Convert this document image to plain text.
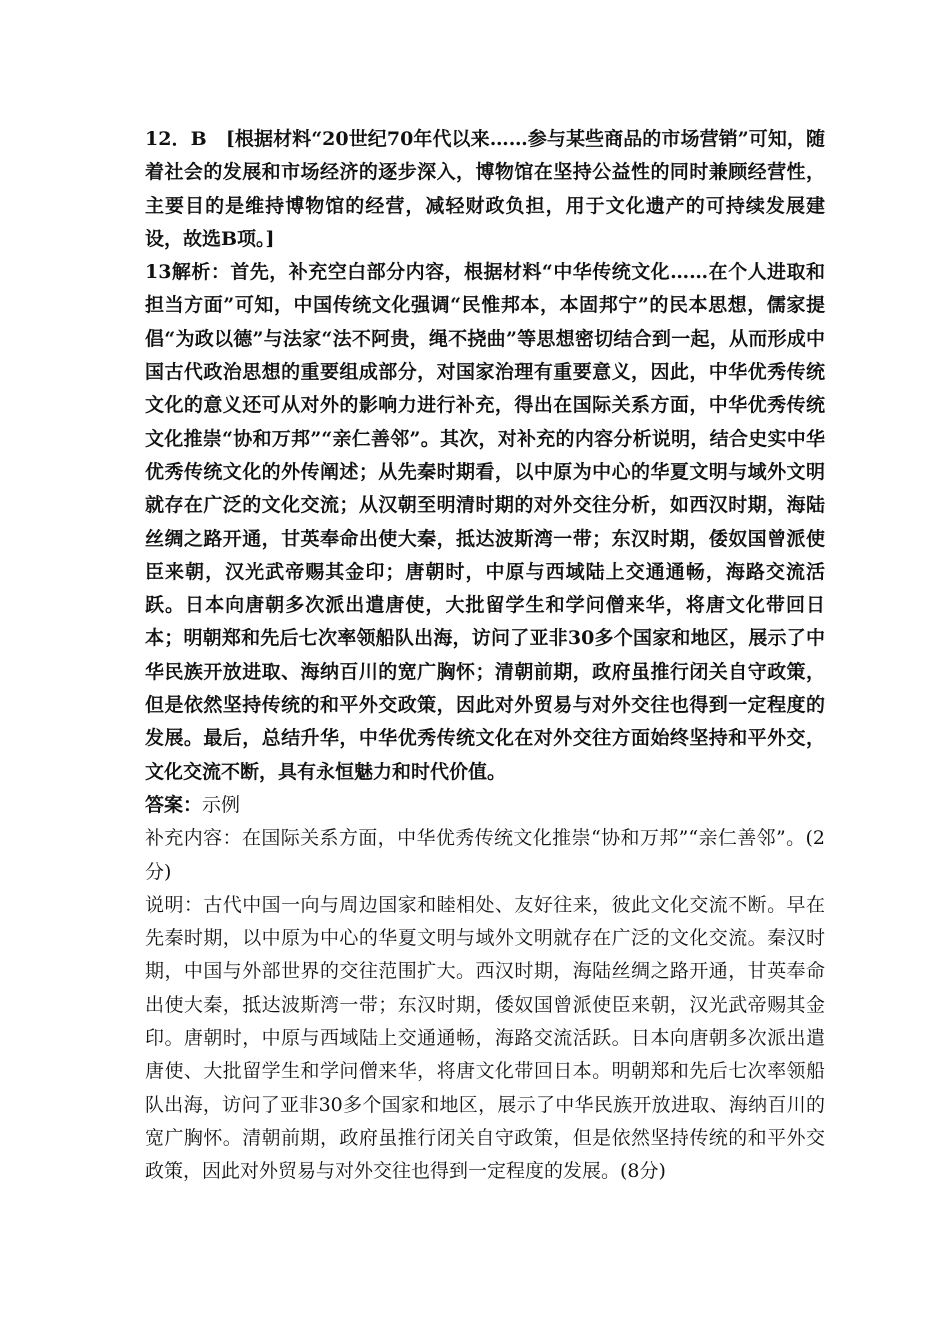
12．B　[根据材料“20世纪70年代以来……参与某些商品的市场营销”可知，随着社会的发展和市场经济的逐步深入，博物馆在坚持公益性的同时兼顾经营性，主要目的是维持博物馆的经营，减轻财政负担，用于文化遗产的可持续发展建设，故选B项。]

13解析：首先，补充空白部分内容，根据材料“中华传统文化……在个人进取和担当方面”可知，中国传统文化强调“民惟邦本，本固邦宁”的民本思想，儒家提倡“为政以德”与法家“法不阿贵，绳不挠曲”等思想密切结合到一起，从而形成中国古代政治思想的重要组成部分，对国家治理有重要意义，因此，中华优秀传统文化的意义还可从对外的影响力进行补充，得出在国际关系方面，中华优秀传统文化推崇“协和万邦”“亲仁善邻”。其次，对补充的内容分析说明，结合史实中华优秀传统文化的外传阐述；从先秦时期看，以中原为中心的华夏文明与域外文明就存在广泛的文化交流；从汉朝至明清时期的对外交往分析，如西汉时期，海陆丝绸之路开通，甘英奉命出使大秦，抵达波斯湾一带；东汉时期，倭奴国曾派使臣来朝，汉光武帝赐其金印；唐朝时，中原与西域陆上交通通畅，海路交流活跃。日本向唐朝多次派出遣唐使，大批留学生和学问僧来华，将唐文化带回日本；明朝郑和先后七次率领船队出海，访问了亚非30多个国家和地区，展示了中华民族开放进取、海纳百川的宽广胸怀；清朝前期，政府虽推行闭关自守政策，但是依然坚持传统的和平外交政策，因此对外贸易与对外交往也得到一定程度的发展。最后，总结升华，中华优秀传统文化在对外交往方面始终坚持和平外交，文化交流不断，具有永恒魅力和时代价值。

答案：示例

补充内容：在国际关系方面，中华优秀传统文化推崇“协和万邦”“亲仁善邻”。(2分)

说明：古代中国一向与周边国家和睦相处、友好往来，彼此文化交流不断。早在先秦时期，以中原为中心的华夏文明与域外文明就存在广泛的文化交流。秦汉时期，中国与外部世界的交往范围扩大。西汉时期，海陆丝绸之路开通，甘英奉命出使大秦，抵达波斯湾一带；东汉时期，倭奴国曾派使臣来朝，汉光武帝赐其金印。唐朝时，中原与西域陆上交通通畅，海路交流活跃。日本向唐朝多次派出遣唐使、大批留学生和学问僧来华，将唐文化带回日本。明朝郑和先后七次率领船队出海，访问了亚非30多个国家和地区，展示了中华民族开放进取、海纳百川的宽广胸怀。清朝前期，政府虽推行闭关自守政策，但是依然坚持传统的和平外交政策，因此对外贸易与对外交往也得到一定程度的发展。(8分)
